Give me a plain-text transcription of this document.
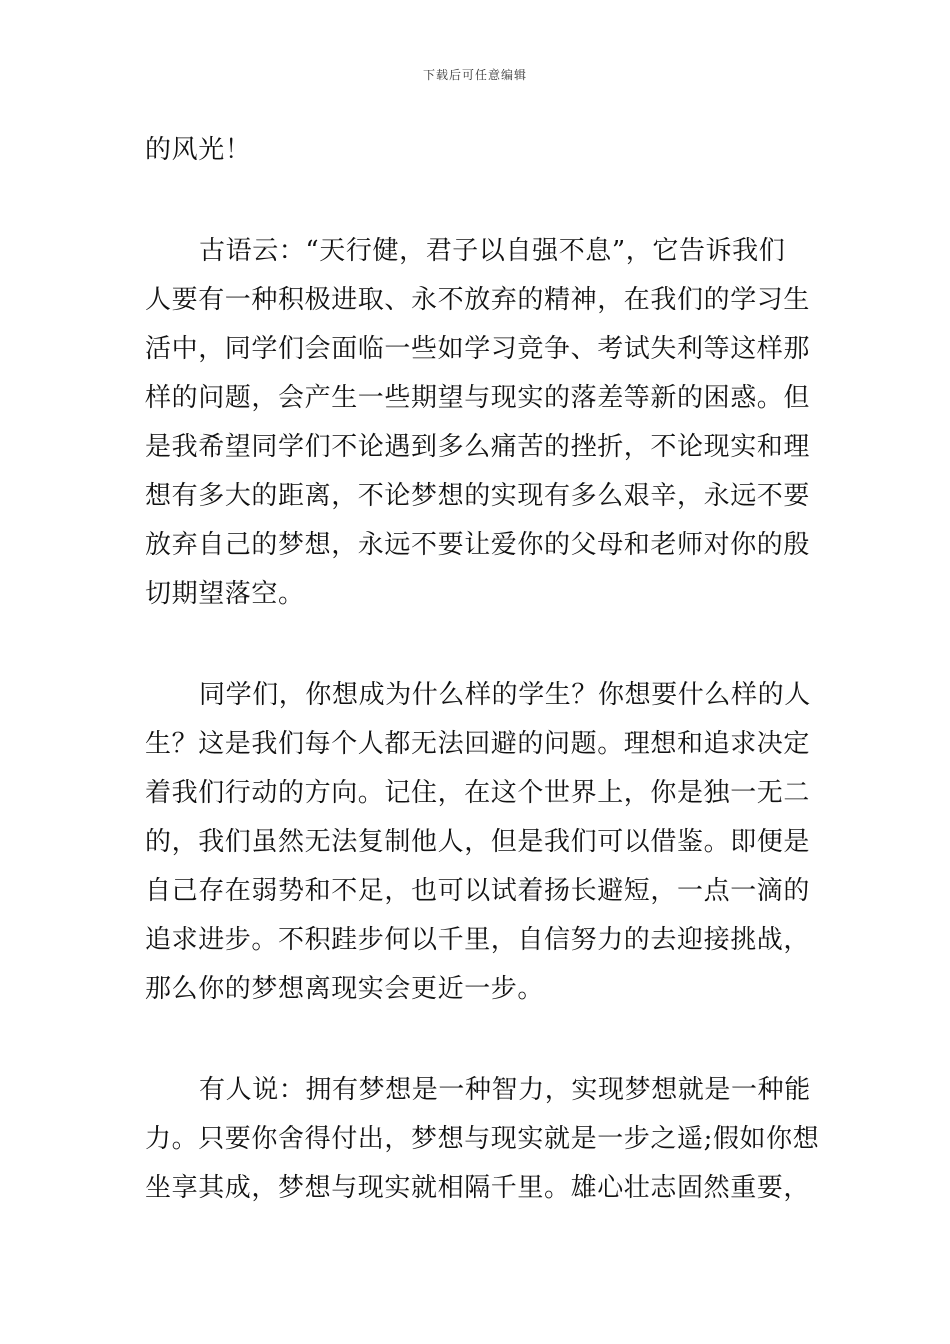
下载后可任意编辑
的风光！
古语云：“天行健，君子以自强不息”，它告诉我们
人要有一种积极进取、永不放弃的精神，在我们的学习生
活中，同学们会面临一些如学习竞争、考试失利等这样那
样的问题，会产生一些期望与现实的落差等新的困惑。但
是我希望同学们不论遇到多么痛苦的挫折，不论现实和理
想有多大的距离，不论梦想的实现有多么艰辛，永远不要
放弃自己的梦想，永远不要让爱你的父母和老师对你的殷
切期望落空。
同学们，你想成为什么样的学生？你想要什么样的人
生？这是我们每个人都无法回避的问题。理想和追求决定
着我们行动的方向。记住，在这个世界上，你是独一无二
的，我们虽然无法复制他人，但是我们可以借鉴。即便是
自己存在弱势和不足，也可以试着扬长避短，一点一滴的
追求进步。不积跬步何以千里，自信努力的去迎接挑战，
那么你的梦想离现实会更近一步。
有人说：拥有梦想是一种智力，实现梦想就是一种能
力。只要你舍得付出，梦想与现实就是一步之遥;假如你想
坐享其成，梦想与现实就相隔千里。雄心壮志固然重要，
